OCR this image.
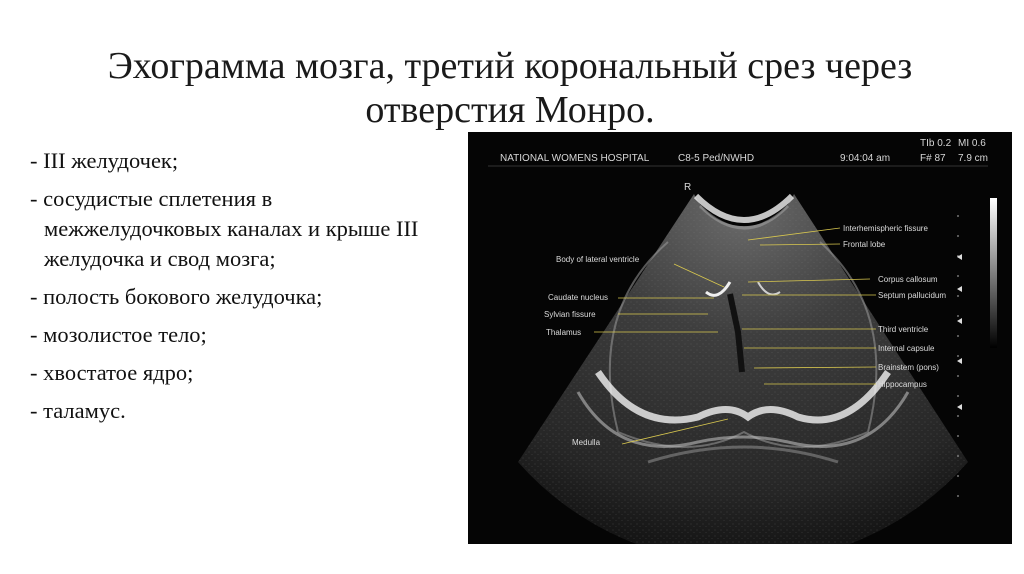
Эхограмма мозга, третий корональный срез через
отверстия Монро.
- III желудочек;
- сосудистые сплетения в межжелудочковых каналах и крыше III желудочка и свод мозга;
- полость бокового желудочка;
- мозолистое тело;
- хвостатое ядро;
- таламус.
NATIONAL WOMENS HOSPITAL	C8-5 Ped/NWHD	9:04:04 am
TIb 0.2 MI 0.6
F# 87 7.9 cm
R
Body of lateral ventricle
Caudate nucleus
Sylvian fissure
Thalamus
Medulla
Interhemispheric fissure
Frontal lobe
Corpus callosum
Septum pallucidum
Third ventricle
Internal capsule
Brainstem (pons)
Hippocampus
